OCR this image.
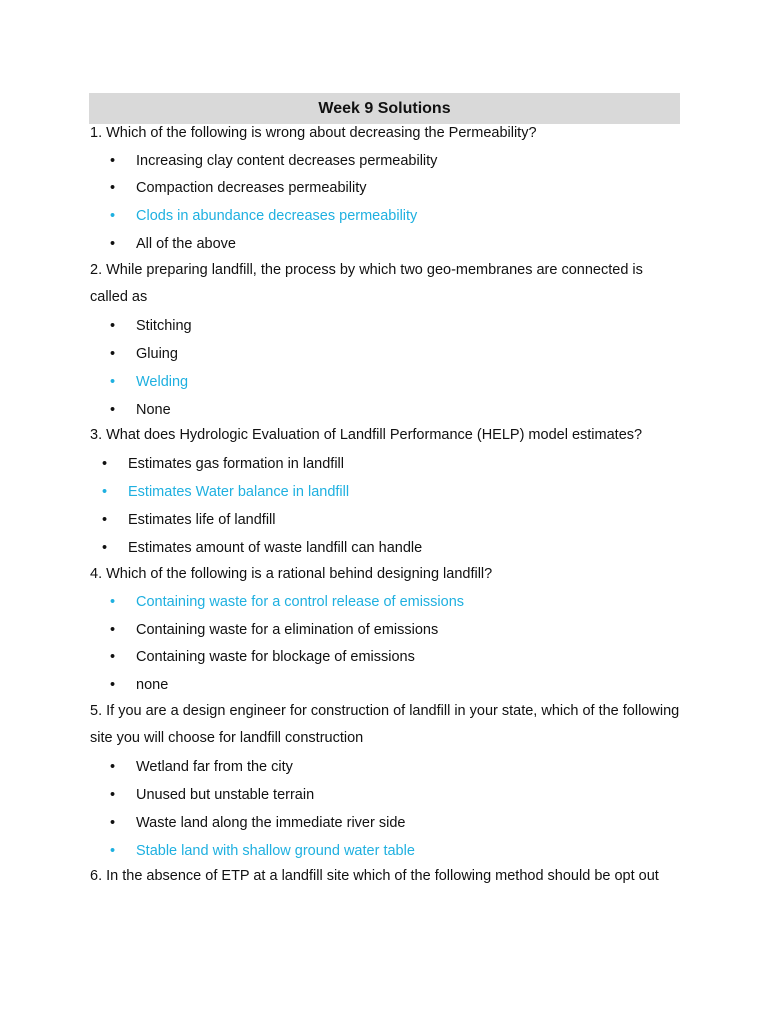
Week 9 Solutions
1. Which of the following is wrong about decreasing the Permeability?
• Increasing clay content decreases permeability
• Compaction decreases permeability
• Clods in abundance decreases permeability
• All of the above
2. While preparing landfill, the process by which two geo-membranes are connected is called as
• Stitching
• Gluing
• Welding
• None
3. What does Hydrologic Evaluation of Landfill Performance (HELP) model estimates?
• Estimates gas formation in landfill
• Estimates Water balance in landfill
• Estimates life of landfill
• Estimates amount of waste landfill can handle
4. Which of the following is a rational behind designing landfill?
• Containing waste for a control release of emissions
• Containing waste for a elimination of emissions
• Containing waste for blockage of emissions
• none
5. If you are a design engineer for construction of landfill in your state, which of the following site you will choose for landfill construction
• Wetland far from the city
• Unused but unstable terrain
• Waste land along the immediate river side
• Stable land with shallow ground water table
6. In the absence of ETP at a landfill site which of the following method should be opt out
